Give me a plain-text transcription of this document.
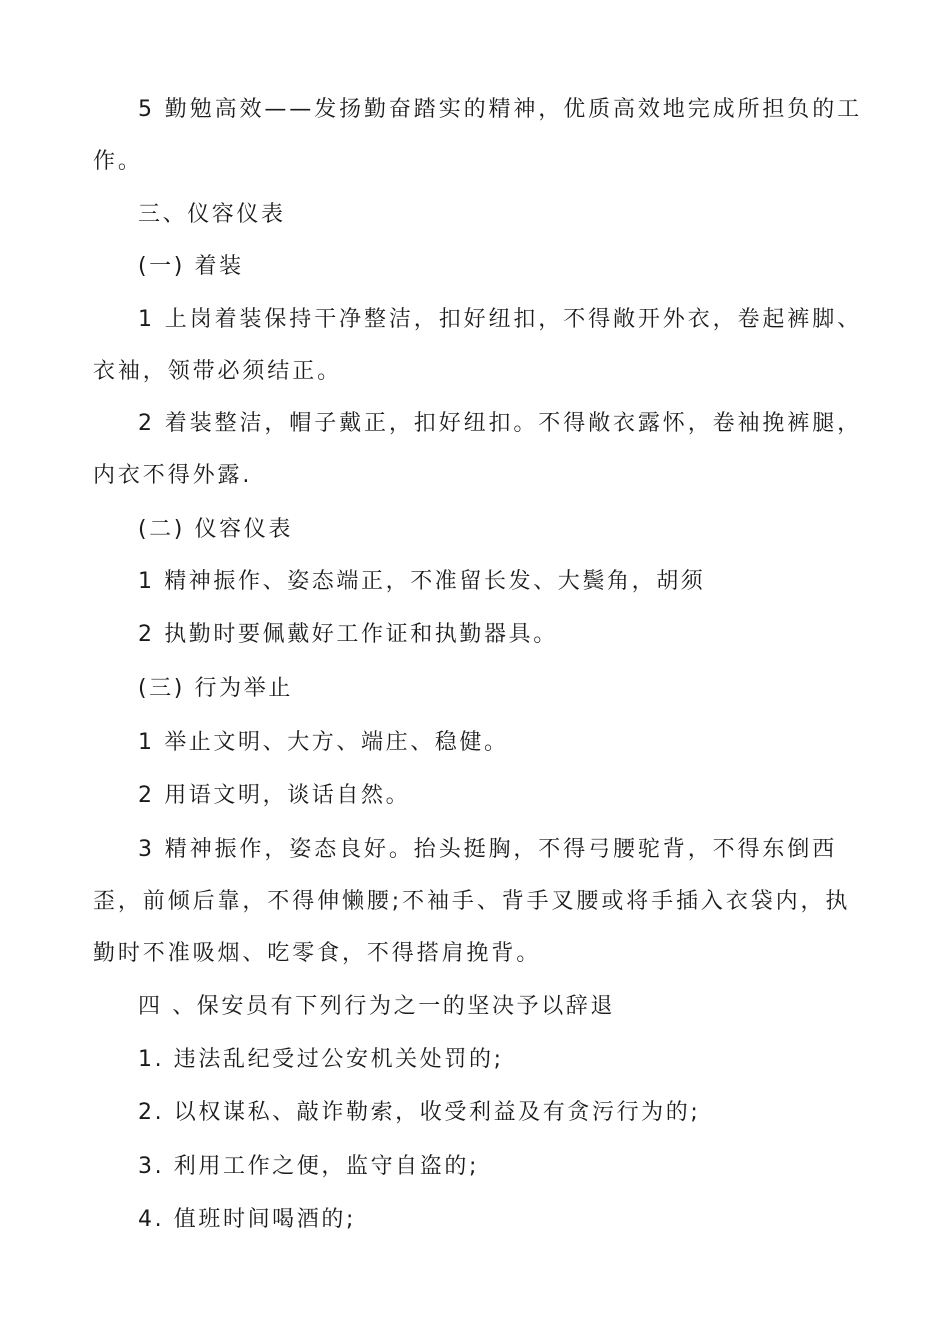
5 勤勉高效——发扬勤奋踏实的精神，优质高效地完成所担负的工作。
三、仪容仪表
(一) 着装
1 上岗着装保持干净整洁，扣好纽扣，不得敞开外衣，卷起裤脚、衣袖，领带必须结正。
2 着装整洁，帽子戴正，扣好纽扣。不得敞衣露怀，卷袖挽裤腿，内衣不得外露.
(二) 仪容仪表
1 精神振作、姿态端正，不准留长发、大鬓角，胡须
2 执勤时要佩戴好工作证和执勤器具。
(三) 行为举止
1 举止文明、大方、端庄、稳健。
2 用语文明，谈话自然。
3 精神振作，姿态良好。抬头挺胸，不得弓腰驼背，不得东倒西歪，前倾后靠，不得伸懒腰;不袖手、背手叉腰或将手插入衣袋内，执勤时不准吸烟、吃零食，不得搭肩挽背。
四 、保安员有下列行为之一的坚决予以辞退
1. 违法乱纪受过公安机关处罚的;
2. 以权谋私、敲诈勒索，收受利益及有贪污行为的;
3. 利用工作之便，监守自盗的;
4. 值班时间喝酒的;
